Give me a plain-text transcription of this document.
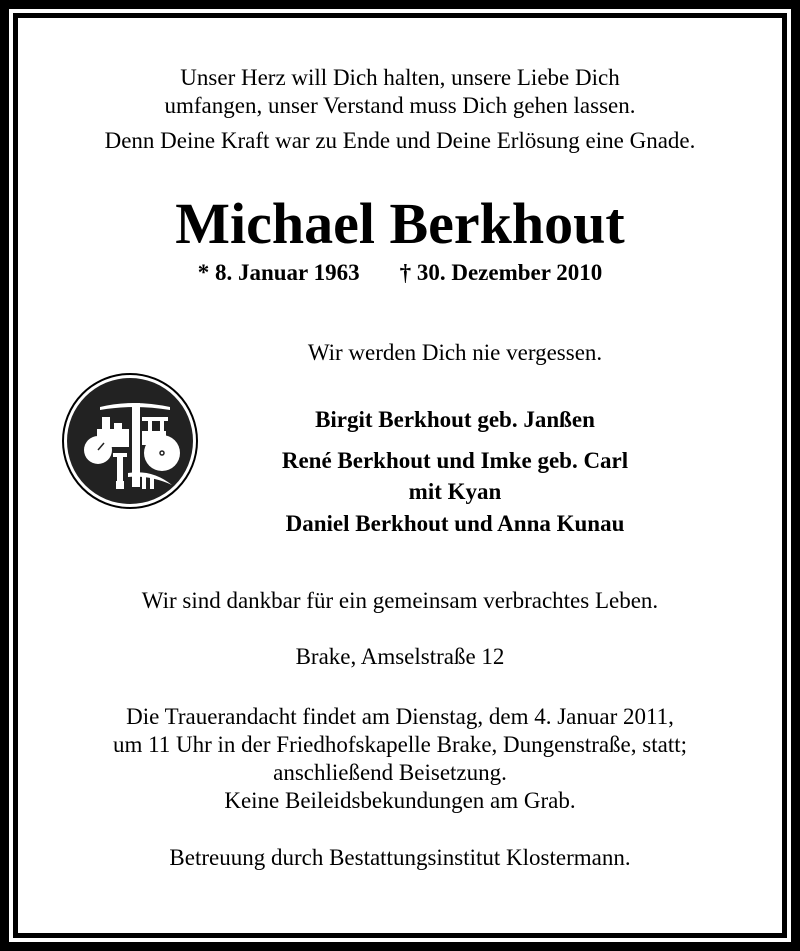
Unser Herz will Dich halten, unsere Liebe Dich
umfangen, unser Verstand muss Dich gehen lassen.
Denn Deine Kraft war zu Ende und Deine Erlösung eine Gnade.
Michael Berkhout
* 8. Januar 1963 † 30. Dezember 2010
Wir werden Dich nie vergessen.
Birgit Berkhout geb. Janßen
René Berkhout und Imke geb. Carl
mit Kyan
Daniel Berkhout und Anna Kunau
Wir sind dankbar für ein gemeinsam verbrachtes Leben.
Brake, Amselstraße 12
Die Trauerandacht findet am Dienstag, dem 4. Januar 2011,
um 11 Uhr in der Friedhofskapelle Brake, Dungenstraße, statt;
anschließend Beisetzung.
Keine Beileidsbekundungen am Grab.
Betreuung durch Bestattungsinstitut Klostermann.
